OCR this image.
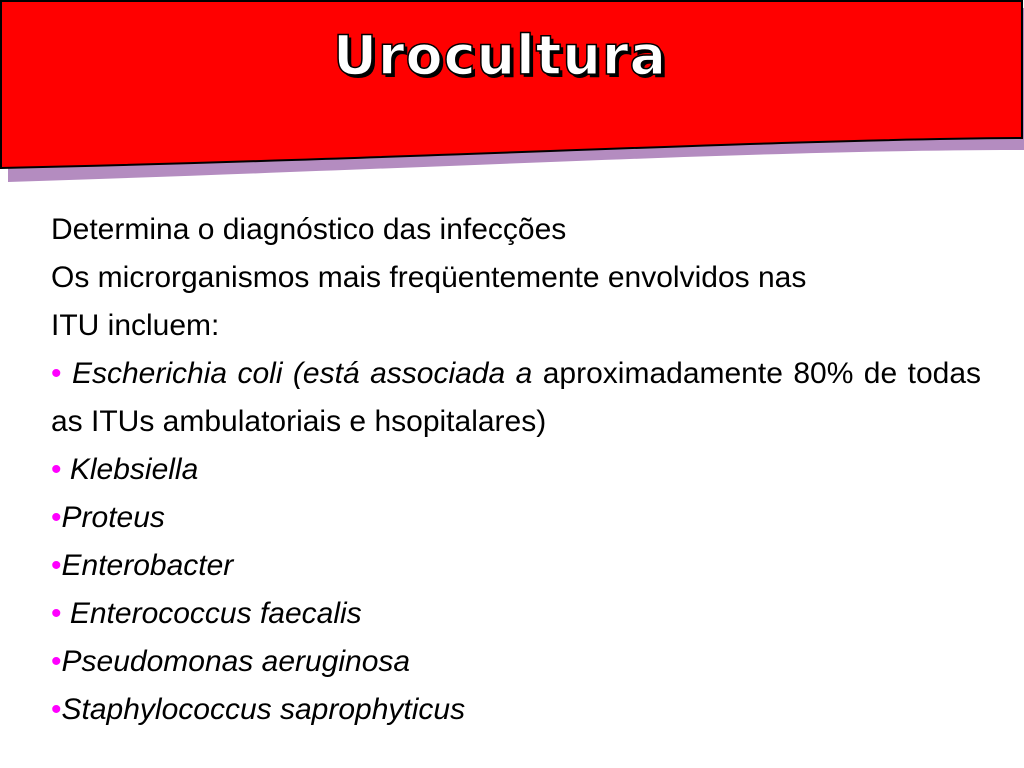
Urocultura
Determina o diagnóstico das infecções
Os microrganismos mais freqüentemente envolvidos nas
ITU incluem:
• Escherichia coli (está associada a aproximadamente 80% de todas as ITUs ambulatoriais e hsopitalares)
• Klebsiella
•Proteus
•Enterobacter
• Enterococcus faecalis
•Pseudomonas aeruginosa
•Staphylococcus saprophyticus
